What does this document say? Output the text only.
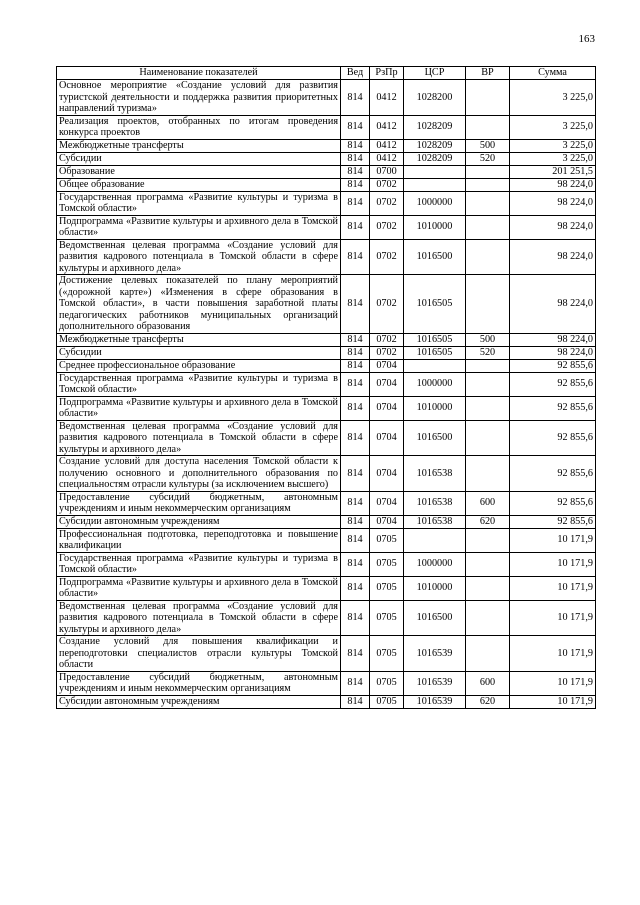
163
Наименование показателей	Вед	РзПр	ЦСР	ВР	Сумма
Основное мероприятие «Создание условий для развития туристской деятельности и поддержка развития приоритетных направлений туризма»	814	0412	1028200		3 225,0
Реализация проектов, отобранных по итогам проведения конкурса проектов	814	0412	1028209		3 225,0
Межбюджетные трансферты	814	0412	1028209	500	3 225,0
Субсидии	814	0412	1028209	520	3 225,0
Образование	814	0700			201 251,5
Общее образование	814	0702			98 224,0
Государственная программа «Развитие культуры и туризма в Томской области»	814	0702	1000000		98 224,0
Подпрограмма «Развитие культуры и архивного дела в Томской области»	814	0702	1010000		98 224,0
Ведомственная целевая программа «Создание условий для развития кадрового потенциала в Томской области в сфере культуры и архивного дела»	814	0702	1016500		98 224,0
Достижение целевых показателей по плану мероприятий («дорожной карте») «Изменения в сфере образования в Томской области», в части повышения заработной платы педагогических работников муниципальных организаций дополнительного образования	814	0702	1016505		98 224,0
Межбюджетные трансферты	814	0702	1016505	500	98 224,0
Субсидии	814	0702	1016505	520	98 224,0
Среднее профессиональное образование	814	0704			92 855,6
Государственная программа «Развитие культуры и туризма в Томской области»	814	0704	1000000		92 855,6
Подпрограмма «Развитие культуры и архивного дела в Томской области»	814	0704	1010000		92 855,6
Ведомственная целевая программа «Создание условий для развития кадрового потенциала в Томской области в сфере культуры и архивного дела»	814	0704	1016500		92 855,6
Создание условий для доступа населения Томской области к получению основного и дополнительного образования по специальностям отрасли культуры (за исключением высшего)	814	0704	1016538		92 855,6
Предоставление субсидий бюджетным, автономным учреждениям и иным некоммерческим организациям	814	0704	1016538	600	92 855,6
Субсидии автономным учреждениям	814	0704	1016538	620	92 855,6
Профессиональная подготовка, переподготовка и повышение квалификации	814	0705			10 171,9
Государственная программа «Развитие культуры и туризма в Томской области»	814	0705	1000000		10 171,9
Подпрограмма «Развитие культуры и архивного дела в Томской области»	814	0705	1010000		10 171,9
Ведомственная целевая программа «Создание условий для развития кадрового потенциала в Томской области в сфере культуры и архивного дела»	814	0705	1016500		10 171,9
Создание условий для повышения квалификации и переподготовки специалистов отрасли культуры Томской области	814	0705	1016539		10 171,9
Предоставление субсидий бюджетным, автономным учреждениям и иным некоммерческим организациям	814	0705	1016539	600	10 171,9
Субсидии автономным учреждениям	814	0705	1016539	620	10 171,9
